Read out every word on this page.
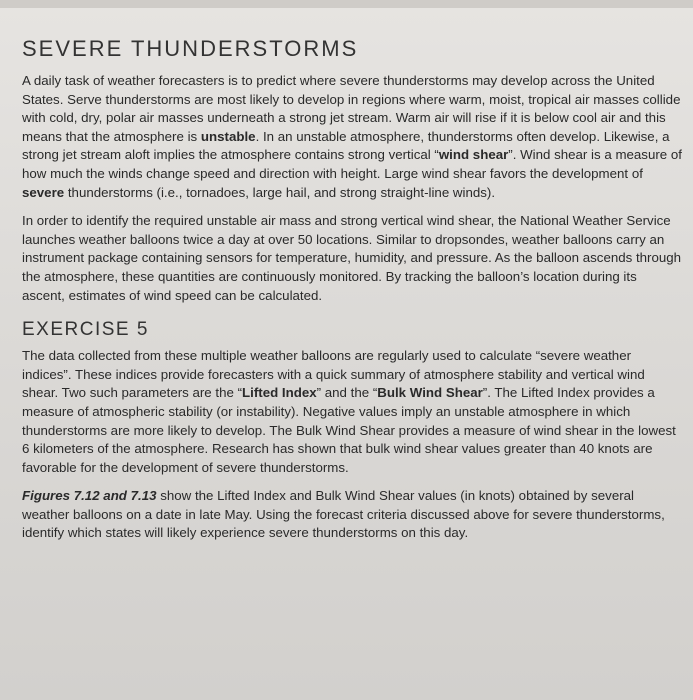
SEVERE THUNDERSTORMS

A daily task of weather forecasters is to predict where severe thunderstorms may develop across the United States. Serve thunderstorms are most likely to develop in regions where warm, moist, tropical air masses collide with cold, dry, polar air masses underneath a strong jet stream. Warm air will rise if it is below cool air and this means that the atmosphere is unstable. In an unstable atmosphere, thunderstorms often develop. Likewise, a strong jet stream aloft implies the atmosphere contains strong vertical “wind shear”. Wind shear is a measure of how much the winds change speed and direction with height. Large wind shear favors the development of severe thunderstorms (i.e., tornadoes, large hail, and strong straight-line winds).

In order to identify the required unstable air mass and strong vertical wind shear, the National Weather Service launches weather balloons twice a day at over 50 locations. Similar to dropsondes, weather balloons carry an instrument package containing sensors for temperature, humidity, and pressure. As the balloon ascends through the atmosphere, these quantities are continuously monitored. By tracking the balloon’s location during its ascent, estimates of wind speed can be calculated.

EXERCISE 5

The data collected from these multiple weather balloons are regularly used to calculate “severe weather indices”. These indices provide forecasters with a quick summary of atmosphere stability and vertical wind shear. Two such parameters are the “Lifted Index” and the “Bulk Wind Shear”. The Lifted Index provides a measure of atmospheric stability (or instability). Negative values imply an unstable atmosphere in which thunderstorms are more likely to develop. The Bulk Wind Shear provides a measure of wind shear in the lowest 6 kilometers of the atmosphere. Research has shown that bulk wind shear values greater than 40 knots are favorable for the development of severe thunderstorms.

Figures 7.12 and 7.13 show the Lifted Index and Bulk Wind Shear values (in knots) obtained by several weather balloons on a date in late May. Using the forecast criteria discussed above for severe thunderstorms, identify which states will likely experience severe thunderstorms on this day.
